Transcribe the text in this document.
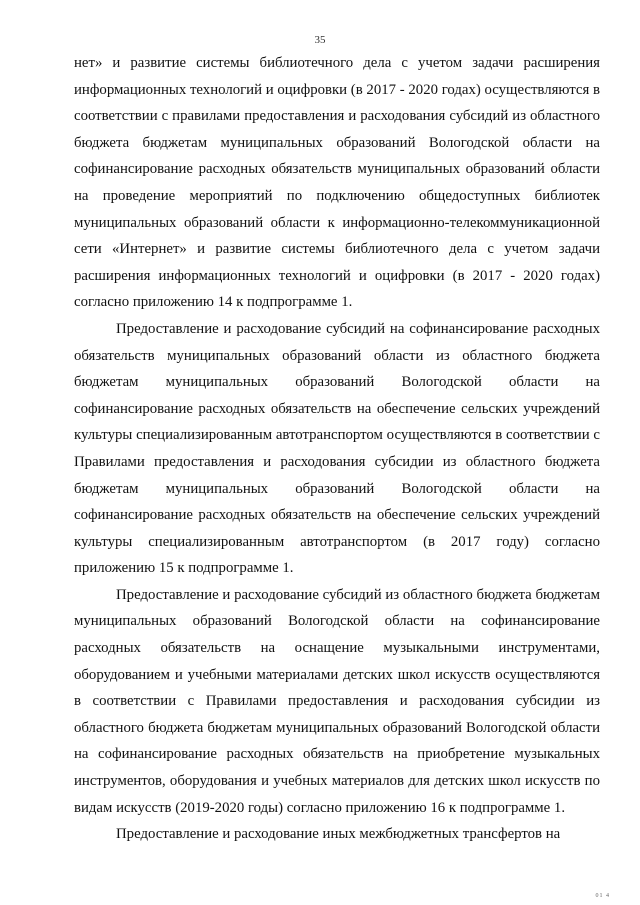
35

нет» и развитие системы библиотечного дела с учетом задачи расширения информационных технологий и оцифровки (в 2017 - 2020 годах) осуществляются в соответствии с правилами предоставления и расходования субсидий из областного бюджета бюджетам муниципальных образований Вологодской области на софинансирование расходных обязательств муниципальных образований области на проведение мероприятий по подключению общедоступных библиотек муниципальных образований области к информационно-телекоммуникационной сети «Интернет» и развитие системы библиотечного дела с учетом задачи расширения информационных технологий и оцифровки (в 2017 - 2020 годах) согласно приложению 14 к подпрограмме 1.

Предоставление и расходование субсидий на софинансирование расходных обязательств муниципальных образований области из областного бюджета бюджетам муниципальных образований Вологодской области на софинансирование расходных обязательств на обеспечение сельских учреждений культуры специализированным автотранспортом осуществляются в соответствии с Правилами предоставления и расходования субсидии из областного бюджета бюджетам муниципальных образований Вологодской области на софинансирование расходных обязательств на обеспечение сельских учреждений культуры специализированным автотранспортом (в 2017 году) согласно приложению 15 к подпрограмме 1.

Предоставление и расходование субсидий из областного бюджета бюджетам муниципальных образований Вологодской области на софинансирование расходных обязательств на оснащение музыкальными инструментами, оборудованием и учебными материалами детских школ искусств осуществляются в соответствии с Правилами предоставления и расходования субсидии из областного бюджета бюджетам муниципальных образований Вологодской области на софинансирование расходных обязательств на приобретение музыкальных инструментов, оборудования и учебных материалов для детских школ искусств по видам искусств (2019-2020 годы) согласно приложению 16 к подпрограмме 1.

Предоставление и расходование иных межбюджетных трансфертов на

01 4
